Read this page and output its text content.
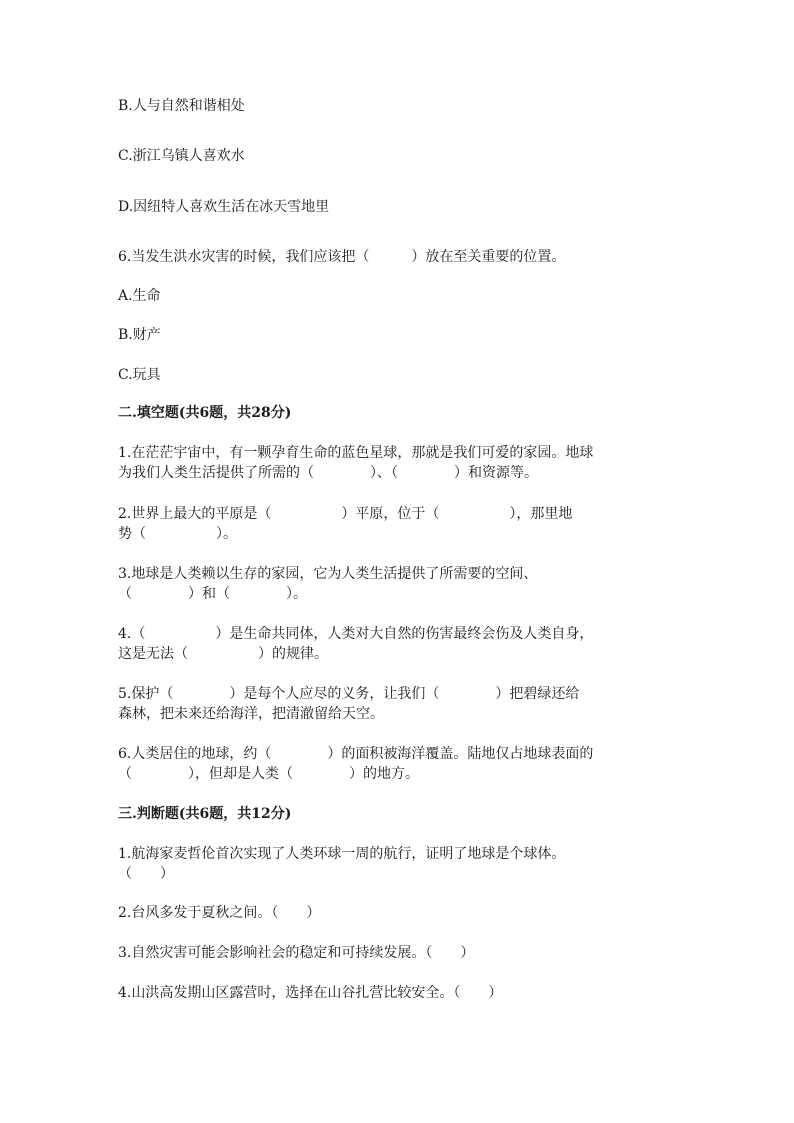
B.人与自然和谐相处
C.浙江乌镇人喜欢水
D.因纽特人喜欢生活在冰天雪地里
6.当发生洪水灾害的时候，我们应该把（　　　）放在至关重要的位置。
A.生命
B.财产
C.玩具
二.填空题(共6题，共28分)
1.在茫茫宇宙中，有一颗孕育生命的蓝色星球，那就是我们可爱的家园。地球
为我们人类生活提供了所需的（　　　　）、（　　　　）和资源等。
2.世界上最大的平原是（　　　　　）平原，位于（　　　　　），那里地
势（　　　　　）。
3.地球是人类赖以生存的家园，它为人类生活提供了所需要的空间、
（　　　　）和（　　　　）。
4.（　　　　　）是生命共同体，人类对大自然的伤害最终会伤及人类自身，
这是无法（　　　　　）的规律。
5.保护（　　　　）是每个人应尽的义务，让我们（　　　　）把碧绿还给
森林，把未来还给海洋，把清澈留给天空。
6.人类居住的地球，约（　　　　）的面积被海洋覆盖。陆地仅占地球表面的
（　　　　），但却是人类（　　　　）的地方。
三.判断题(共6题，共12分)
1.航海家麦哲伦首次实现了人类环球一周的航行，证明了地球是个球体。
（　　）
2.台风多发于夏秋之间。（　　）
3.自然灾害可能会影响社会的稳定和可持续发展。（　　）
4.山洪高发期山区露营时，选择在山谷扎营比较安全。（　　）
